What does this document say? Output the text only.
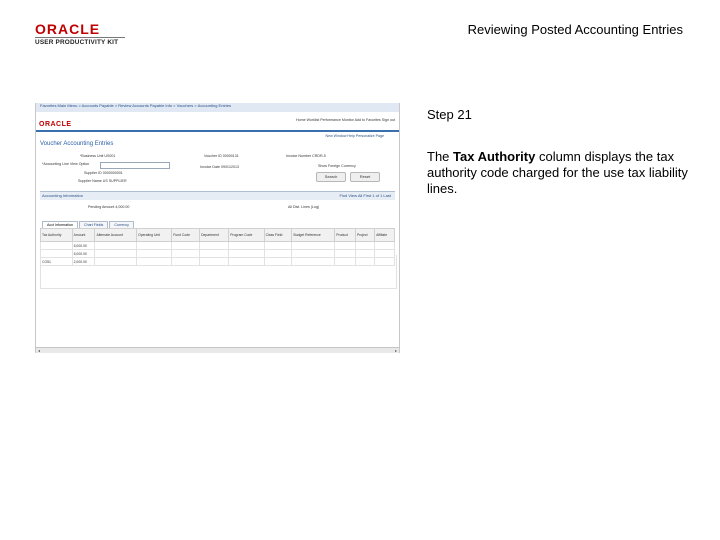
ORACLE
USER PRODUCTIVITY KIT
Reviewing Posted Accounting Entries
Favorites Main Menu > Accounts Payable > Review Accounts Payable Info > Vouchers > Accounting Entries
ORACLE
Home Worklist Performance Monitor Add to Favorites Sign out
New Window Help Personalize Page
Voucher Accounting Entries
*Business Unit US001	Voucher ID 00000131	Invoice Number CRDR-5
*Accounting Line View Option
Invoice Date 09/01/2013	Show Foreign Currency
Search	Reset
Supplier ID 0000000001
Supplier Name US SUPPLIER
Accounting Information	Find View All First 1 of 1 Last
Pending Amount 4,000.00	All Dist. Lines (Log)
Acct Information	Chart Fields	Currency
Tax Authority	Amount	Alternate Account	Operating Unit	Fund Code	Department	Program Code	Class Field	Budget Reference	Product	Project	Affiliate
	5,000.00										
	5,000.00										
CO51	2,000.00										
◂	▸
Step 21
The Tax Authority column displays the tax authority code charged for the use tax liability lines.
